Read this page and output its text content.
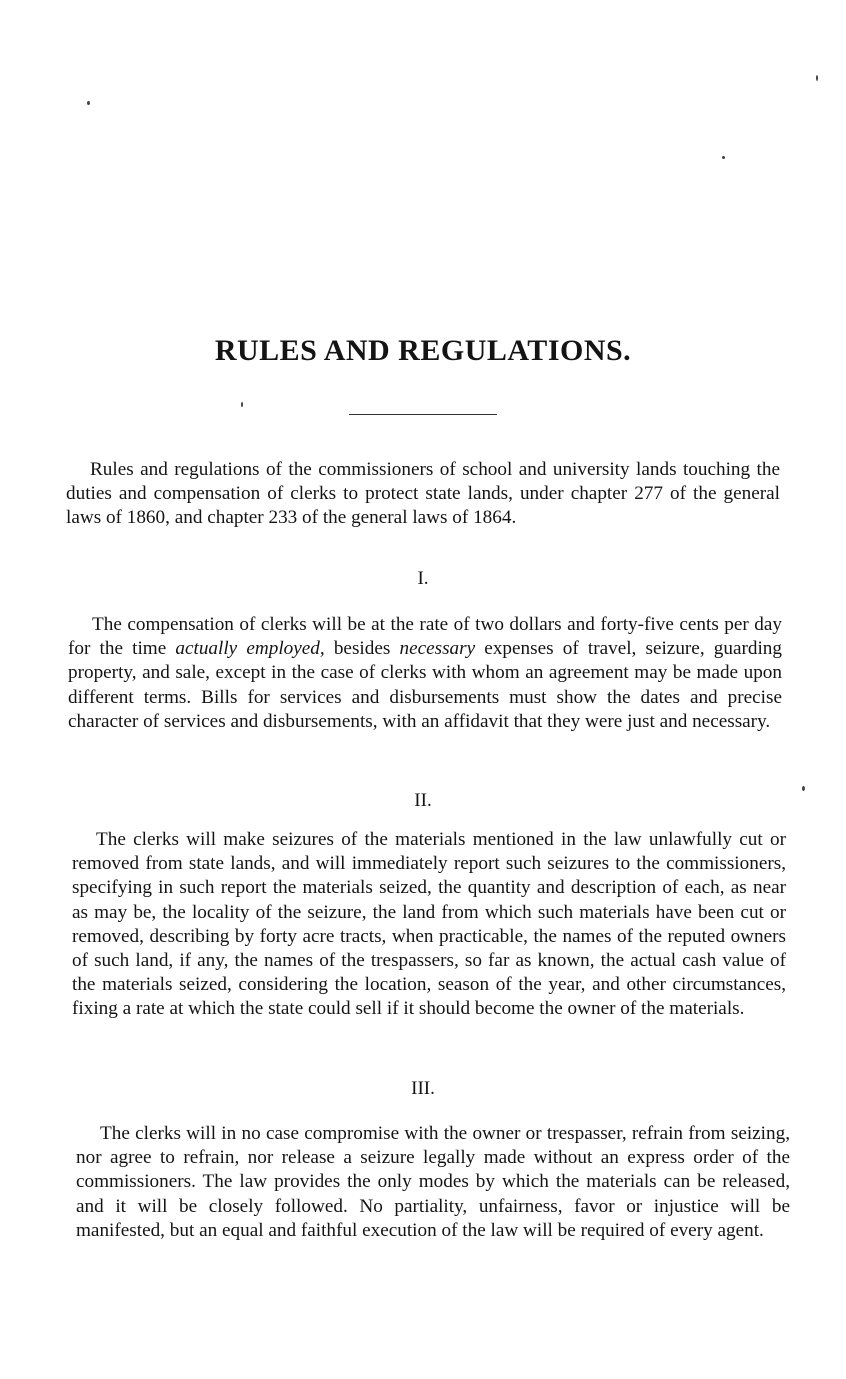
RULES AND REGULATIONS.

Rules and regulations of the commissioners of school and university lands touching the duties and compensation of clerks to protect state lands, under chapter 277 of the general laws of 1860, and chapter 233 of the general laws of 1864.

I.

The compensation of clerks will be at the rate of two dollars and forty-five cents per day for the time actually employed, besides necessary expenses of travel, seizure, guarding property, and sale, except in the case of clerks with whom an agreement may be made upon different terms. Bills for services and disbursements must show the dates and precise character of services and disbursements, with an affidavit that they were just and necessary.

II.

The clerks will make seizures of the materials mentioned in the law unlawfully cut or removed from state lands, and will immediately report such seizures to the commissioners, specifying in such report the materials seized, the quantity and description of each, as near as may be, the locality of the seizure, the land from which such materials have been cut or removed, describing by forty acre tracts, when practicable, the names of the reputed owners of such land, if any, the names of the trespassers, so far as known, the actual cash value of the materials seized, considering the location, season of the year, and other circumstances, fixing a rate at which the state could sell if it should become the owner of the materials.

III.

The clerks will in no case compromise with the owner or trespasser, refrain from seizing, nor agree to refrain, nor release a seizure legally made without an express order of the commissioners. The law provides the only modes by which the materials can be released, and it will be closely followed. No partiality, unfairness, favor or injustice will be manifested, but an equal and faithful execution of the law will be required of every agent.
